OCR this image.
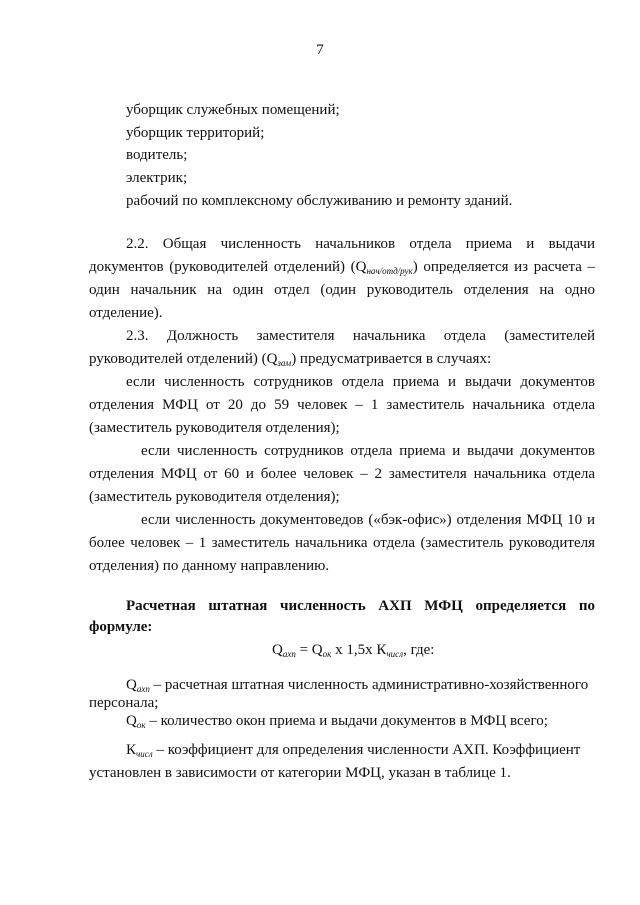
7
уборщик служебных помещений;
уборщик территорий;
водитель;
электрик;
рабочий по комплексному обслуживанию и ремонту зданий.
2.2. Общая численность начальников отдела приема и выдачи
документов (руководителей отделений) $(Q_{нач/отд/рук})$ определяется из расчета –
один начальник на один отдел (один руководитель отделения на одно
отделение).
2.3. Должность заместителя начальника отдела (заместителей
руководителей отделений) $(Q_{зам})$ предусматривается в случаях:
если численность сотрудников отдела приема и выдачи документов
отделения МФЦ от 20 до 59 человек – 1 заместитель начальника отдела
(заместитель руководителя отделения);
если численность сотрудников отдела приема и выдачи документов
отделения МФЦ от 60 и более человек – 2 заместителя начальника отдела
(заместитель руководителя отделения);
если численность документоведов («бэк-офис») отделения МФЦ 10 и
более человек – 1 заместитель начальника отдела (заместитель руководителя
отделения) по данному направлению.
Расчетная штатная численность АХП МФЦ определяется по
формуле:
$Q_{ахп} = Q_{ок}$ х 1,5х $К_{числ}$, где:
$Q_{ахп}$ – расчетная штатная численность административно-хозяйственного
персонала;
$Q_{ок}$ – количество окон приема и выдачи документов в МФЦ всего;
$К_{числ}$ – коэффициент для определения численности АХП. Коэффициент
установлен в зависимости от категории МФЦ, указан в таблице 1.
